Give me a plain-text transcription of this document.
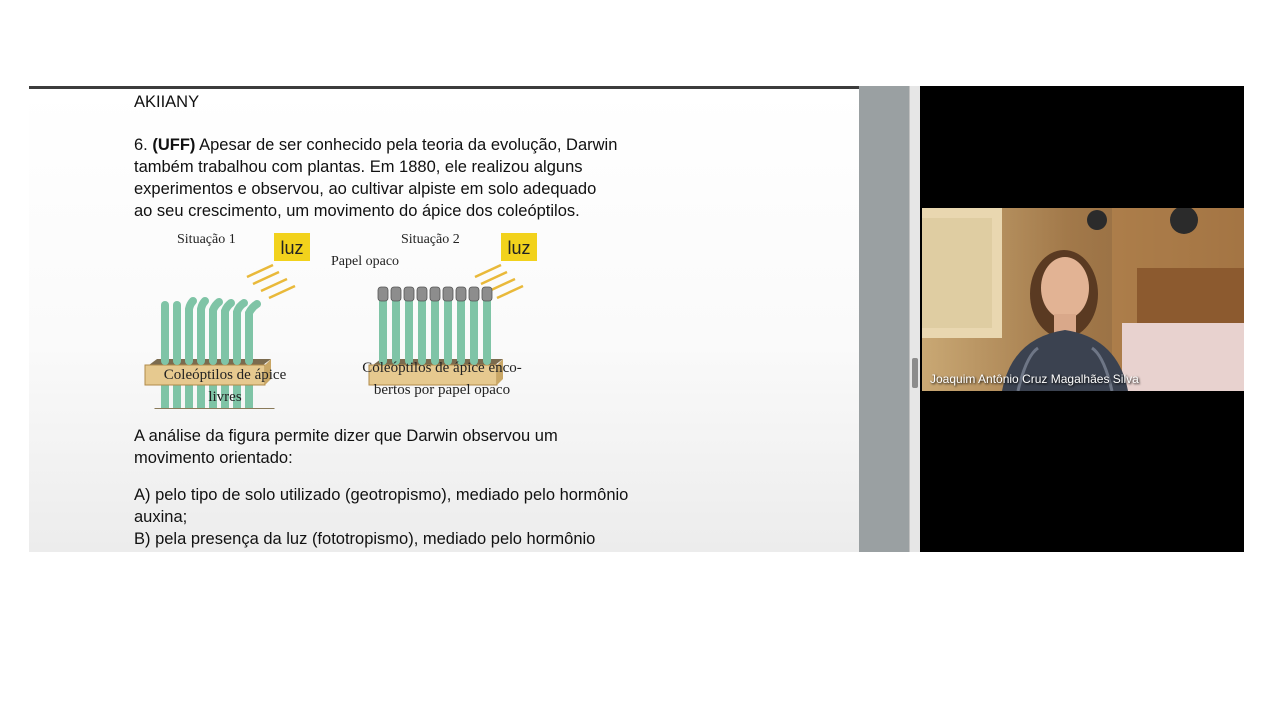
AKIIANY
6. (UFF) Apesar de ser conhecido pela teoria da evolução, Darwin
também trabalhou com plantas. Em 1880, ele realizou alguns
experimentos e observou, ao cultivar alpiste em solo adequado
ao seu crescimento, um movimento do ápice dos coleóptilos.
Situação 1 luz	Situação 2	luz
Papel opaco
Coleóptilos de ápice
livres
Coleóptilos de ápice enco-
bertos por papel opaco
A análise da figura permite dizer que Darwin observou um
movimento orientado:
A) pelo tipo de solo utilizado (geotropismo), mediado pelo hormônio
auxina;
B) pela presença da luz (fototropismo), mediado pelo hormônio
Joaquim Antônio Cruz Magalhães Silva
